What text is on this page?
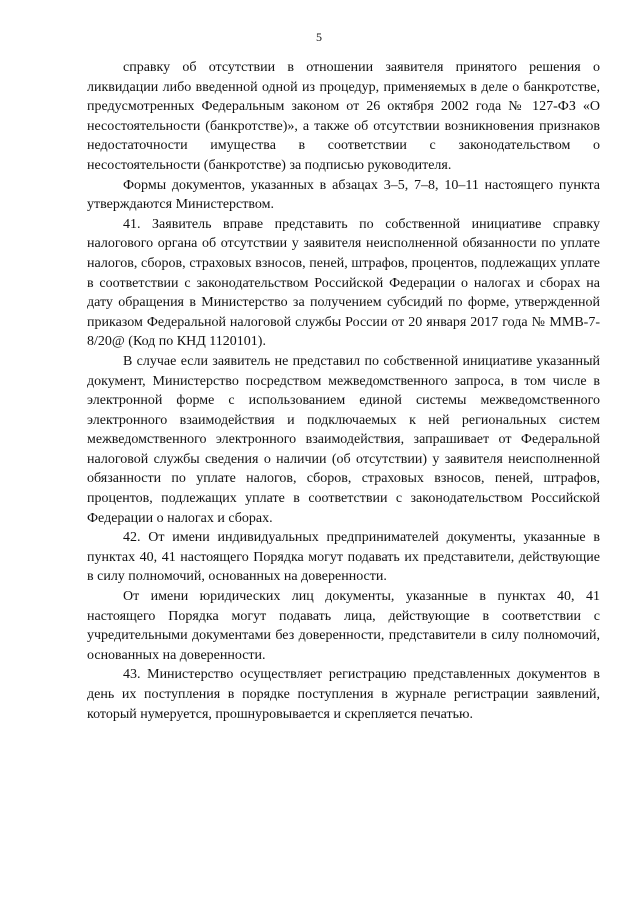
5

справку об отсутствии в отношении заявителя принятого решения о ликвидации либо введенной одной из процедур, применяемых в деле о банкротстве, предусмотренных Федеральным законом от 26 октября 2002 года № 127-ФЗ «О несостоятельности (банкротстве)», а также об отсутствии возникновения признаков недостаточности имущества в соответствии с законодательством о несостоятельности (банкротстве) за подписью руководителя.

Формы документов, указанных в абзацах 3–5, 7–8, 10–11 настоящего пункта утверждаются Министерством.

41. Заявитель вправе представить по собственной инициативе справку налогового органа об отсутствии у заявителя неисполненной обязанности по уплате налогов, сборов, страховых взносов, пеней, штрафов, процентов, подлежащих уплате в соответствии с законодательством Российской Федерации о налогах и сборах на дату обращения в Министерство за получением субсидий по форме, утвержденной приказом Федеральной налоговой службы России от 20 января 2017 года № ММВ-7-8/20@ (Код по КНД 1120101).

В случае если заявитель не представил по собственной инициативе указанный документ, Министерство посредством межведомственного запроса, в том числе в электронной форме с использованием единой системы межведомственного электронного взаимодействия и подключаемых к ней региональных систем межведомственного электронного взаимодействия, запрашивает от Федеральной налоговой службы сведения о наличии (об отсутствии) у заявителя неисполненной обязанности по уплате налогов, сборов, страховых взносов, пеней, штрафов, процентов, подлежащих уплате в соответствии с законодательством Российской Федерации о налогах и сборах.

42. От имени индивидуальных предпринимателей документы, указанные в пунктах 40, 41 настоящего Порядка могут подавать их представители, действующие в силу полномочий, основанных на доверенности.

От имени юридических лиц документы, указанные в пунктах 40, 41 настоящего Порядка могут подавать лица, действующие в соответствии с учредительными документами без доверенности, представители в силу полномочий, основанных на доверенности.

43. Министерство осуществляет регистрацию представленных документов в день их поступления в порядке поступления в журнале регистрации заявлений, который нумеруется, прошнуровывается и скрепляется печатью.
